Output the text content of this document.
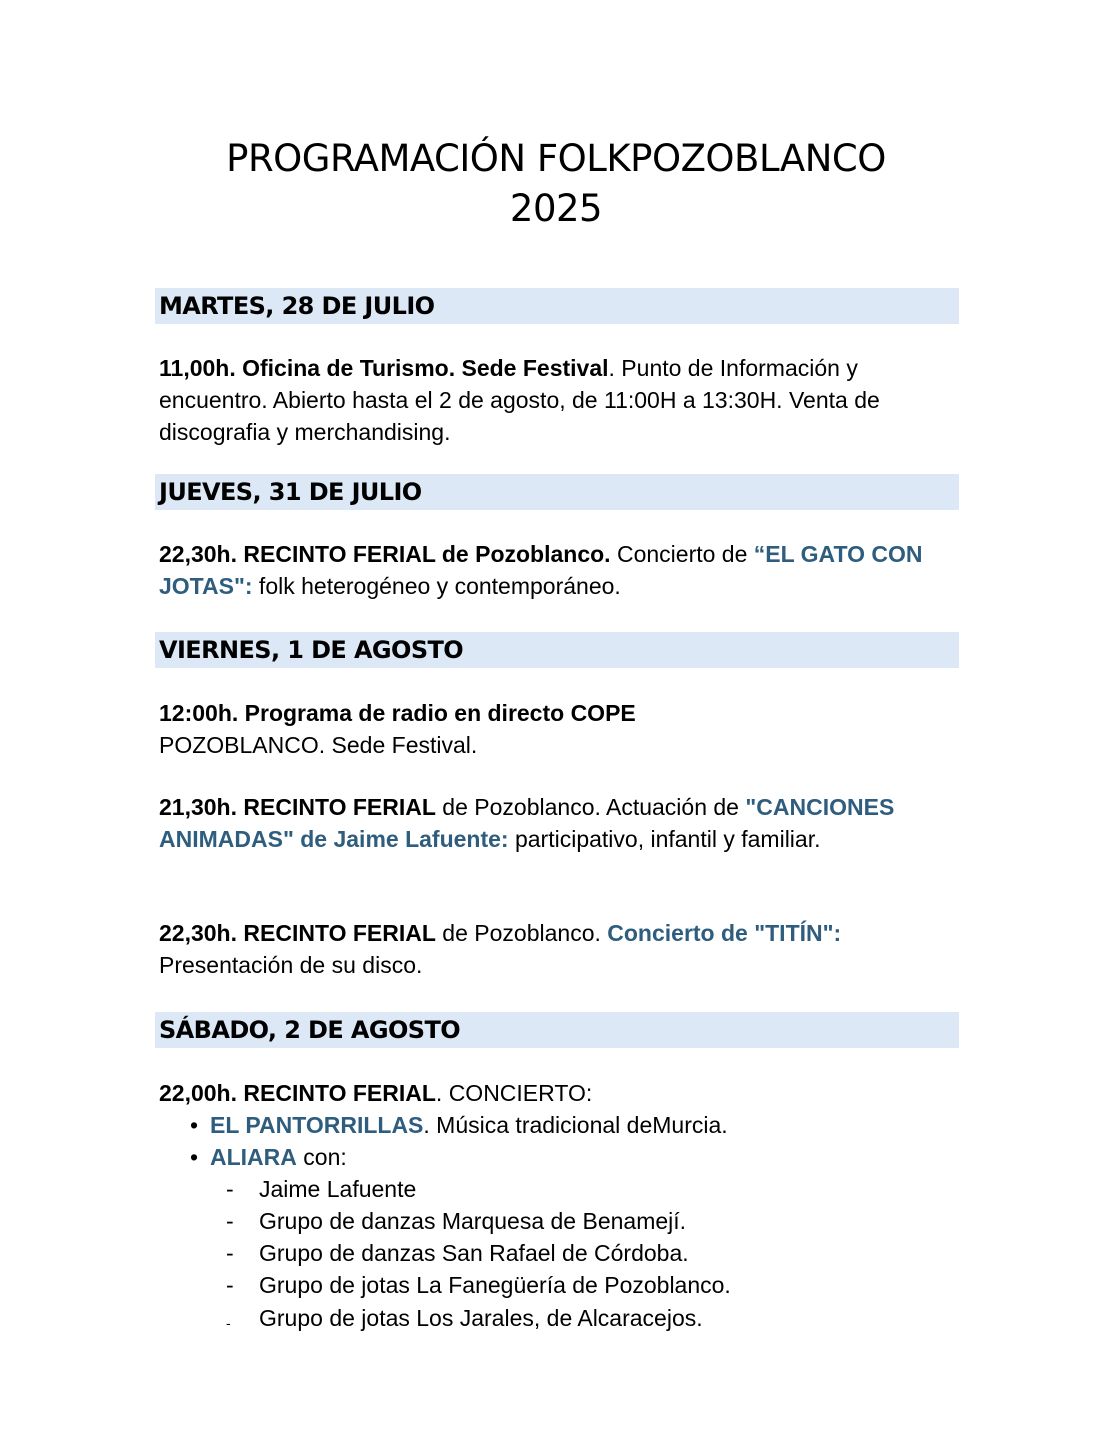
PROGRAMACIÓN FOLKPOZOBLANCO
2025
MARTES, 28 DE JULIO

11,00h. Oficina de Turismo. Sede Festival. Punto de Información y encuentro. Abierto hasta el 2 de agosto, de 11:00H a 13:30H. Venta de discografia y merchandising.

JUEVES, 31 DE JULIO

22,30h. RECINTO FERIAL de Pozoblanco. Concierto de “EL GATO CON JOTAS": folk heterogéneo y contemporáneo.

VIERNES, 1 DE AGOSTO

12:00h. Programa de radio en directo COPE
POZOBLANCO. Sede Festival.

21,30h. RECINTO FERIAL de Pozoblanco. Actuación de "CANCIONES ANIMADAS" de Jaime Lafuente: participativo, infantil y familiar.

22,30h. RECINTO FERIAL de Pozoblanco. Concierto de "TITÍN": Presentación de su disco.

SÁBADO, 2 DE AGOSTO

22,00h. RECINTO FERIAL. CONCIERTO:

• EL PANTORRILLAS. Música tradicional deMurcia.
• ALIARA con:
- Jaime Lafuente
- Grupo de danzas Marquesa de Benamejí.
- Grupo de danzas San Rafael de Córdoba.
- Grupo de jotas La Fanegüería de Pozoblanco.
- Grupo de jotas Los Jarales, de Alcaracejos.
